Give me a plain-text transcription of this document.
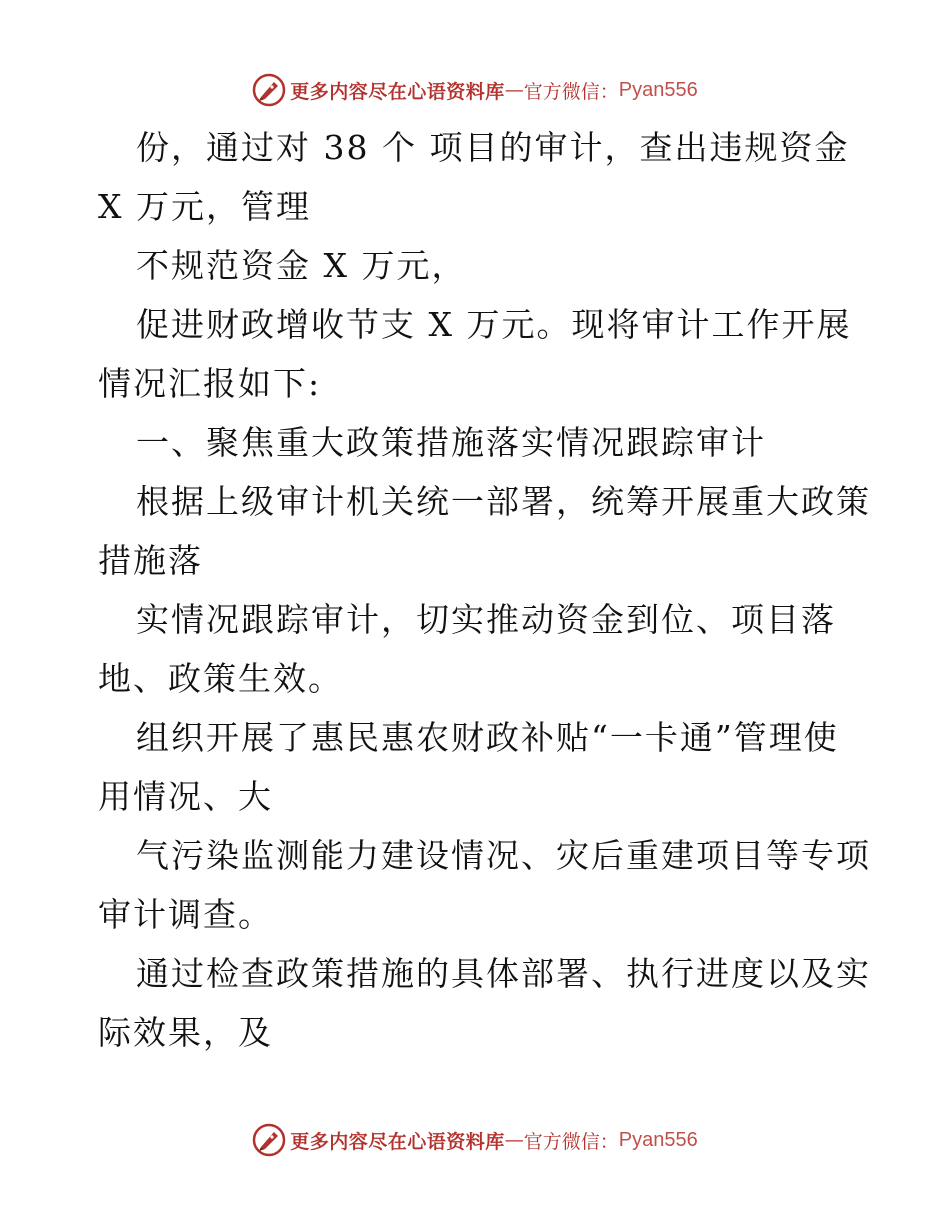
更多内容尽在心语资料库 — 官方微信： Pyan556
份，通过对 38 个 项目的审计，查出违规资金
X 万元，管理
不规范资金 X 万元，
促进财政增收节支 X 万元。现将审计工作开展
情况汇报如下:
一、聚焦重大政策措施落实情况跟踪审计
根据上级审计机关统一部署，统筹开展重大政策
措施落
实情况跟踪审计，切实推动资金到位、项目落
地、政策生效。
组织开展了惠民惠农财政补贴“一卡通”管理使
用情况、大
气污染监测能力建设情况、灾后重建项目等专项
审计调查。
通过检查政策措施的具体部署、执行进度以及实
际效果，及
更多内容尽在心语资料库 — 官方微信： Pyan556
